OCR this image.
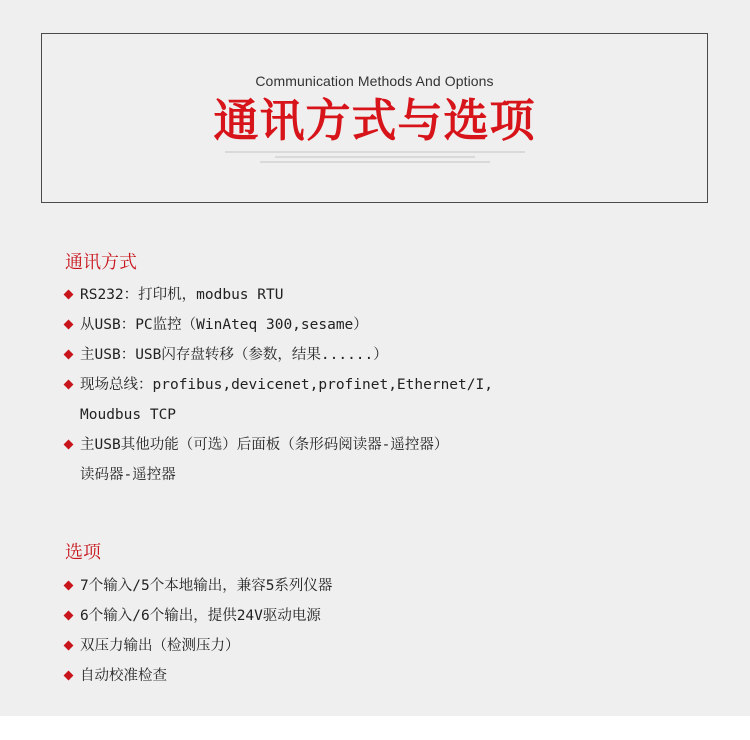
Communication Methods And Options
通讯方式与选项
通讯方式
RS232：打印机，modbus RTU
从USB：PC监控（WinAteq 300,sesame）
主USB：USB闪存盘转移（参数，结果......）
现场总线：profibus,devicenet,profinet,Ethernet/I,
Moudbus TCP
主USB其他功能（可选）后面板（条形码阅读器-遥控器）
读码器-遥控器
选项
7个输入/5个本地输出，兼容5系列仪器
6个输入/6个输出，提供24V驱动电源
双压力输出（检测压力）
自动校准检查
